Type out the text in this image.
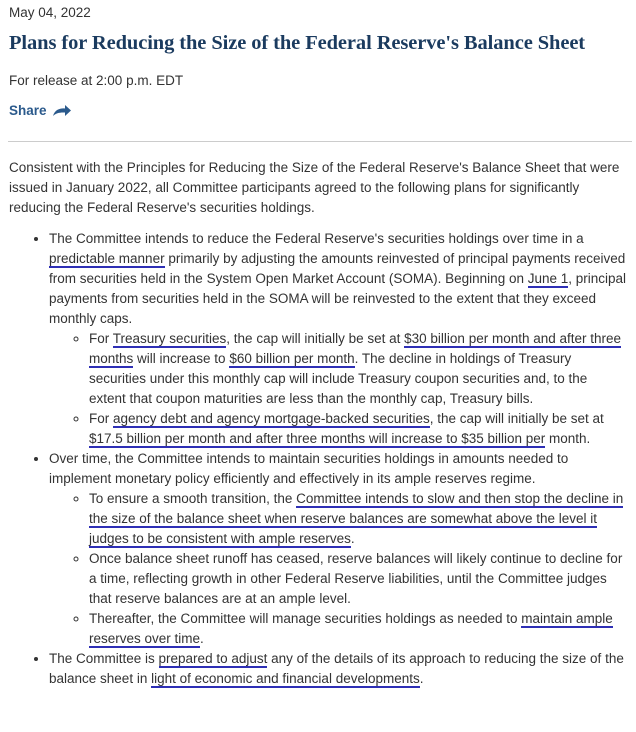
May 04, 2022
Plans for Reducing the Size of the Federal Reserve's Balance Sheet
For release at 2:00 p.m. EDT
Share

Consistent with the Principles for Reducing the Size of the Federal Reserve's Balance Sheet that were issued in January 2022, all Committee participants agreed to the following plans for significantly reducing the Federal Reserve's securities holdings.

• The Committee intends to reduce the Federal Reserve's securities holdings over time in a predictable manner primarily by adjusting the amounts reinvested of principal payments received from securities held in the System Open Market Account (SOMA). Beginning on June 1, principal payments from securities held in the SOMA will be reinvested to the extent that they exceed monthly caps.
◦ For Treasury securities, the cap will initially be set at $30 billion per month and after three months will increase to $60 billion per month. The decline in holdings of Treasury securities under this monthly cap will include Treasury coupon securities and, to the extent that coupon maturities are less than the monthly cap, Treasury bills.
◦ For agency debt and agency mortgage-backed securities, the cap will initially be set at $17.5 billion per month and after three months will increase to $35 billion per month.
• Over time, the Committee intends to maintain securities holdings in amounts needed to implement monetary policy efficiently and effectively in its ample reserves regime.
◦ To ensure a smooth transition, the Committee intends to slow and then stop the decline in the size of the balance sheet when reserve balances are somewhat above the level it judges to be consistent with ample reserves.
◦ Once balance sheet runoff has ceased, reserve balances will likely continue to decline for a time, reflecting growth in other Federal Reserve liabilities, until the Committee judges that reserve balances are at an ample level.
◦ Thereafter, the Committee will manage securities holdings as needed to maintain ample reserves over time.
• The Committee is prepared to adjust any of the details of its approach to reducing the size of the balance sheet in light of economic and financial developments.
